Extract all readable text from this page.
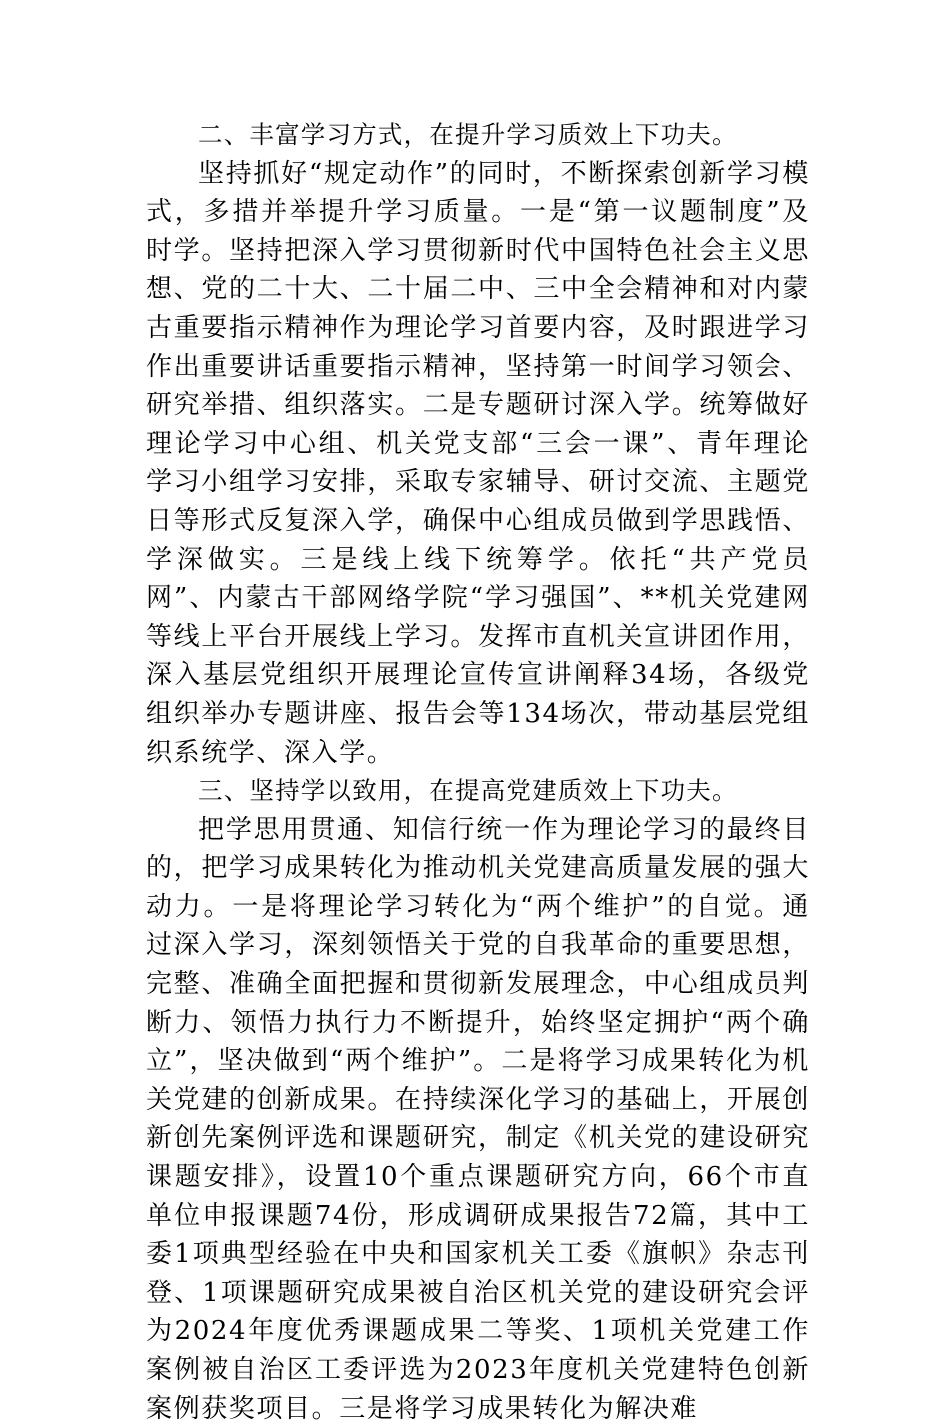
二、丰富学习方式，在提升学习质效上下功夫。

坚持抓好“规定动作”的同时，不断探索创新学习模式，多措并举提升学习质量。一是“第一议题制度”及时学。坚持把深入学习贯彻新时代中国特色社会主义思想、党的二十大、二十届二中、三中全会精神和对内蒙古重要指示精神作为理论学习首要内容，及时跟进学习作出重要讲话重要指示精神，坚持第一时间学习领会、研究举措、组织落实。二是专题研讨深入学。统筹做好理论学习中心组、机关党支部“三会一课”、青年理论学习小组学习安排，采取专家辅导、研讨交流、主题党日等形式反复深入学，确保中心组成员做到学思践悟、学深做实。三是线上线下统筹学。依托“共产党员网”、内蒙古干部网络学院“学习强国”、**机关党建网等线上平台开展线上学习。发挥市直机关宣讲团作用，深入基层党组织开展理论宣传宣讲阐释34场，各级党组织举办专题讲座、报告会等134场次，带动基层党组织系统学、深入学。

三、坚持学以致用，在提高党建质效上下功夫。

把学思用贯通、知信行统一作为理论学习的最终目的，把学习成果转化为推动机关党建高质量发展的强大动力。一是将理论学习转化为“两个维护”的自觉。通过深入学习，深刻领悟关于党的自我革命的重要思想，完整、准确全面把握和贯彻新发展理念，中心组成员判断力、领悟力执行力不断提升，始终坚定拥护“两个确立”，坚决做到“两个维护”。二是将学习成果转化为机关党建的创新成果。在持续深化学习的基础上，开展创新创先案例评选和课题研究，制定《机关党的建设研究课题安排》，设置10个重点课题研究方向，66个市直单位申报课题74份，形成调研成果报告72篇，其中工委1项典型经验在中央和国家机关工委《旗帜》杂志刊登、1项课题研究成果被自治区机关党的建设研究会评为2024年度优秀课题成果二等奖、1项机关党建工作案例被自治区工委评选为2023年度机关党建特色创新案例获奖项目。三是将学习成果转化为解决难
